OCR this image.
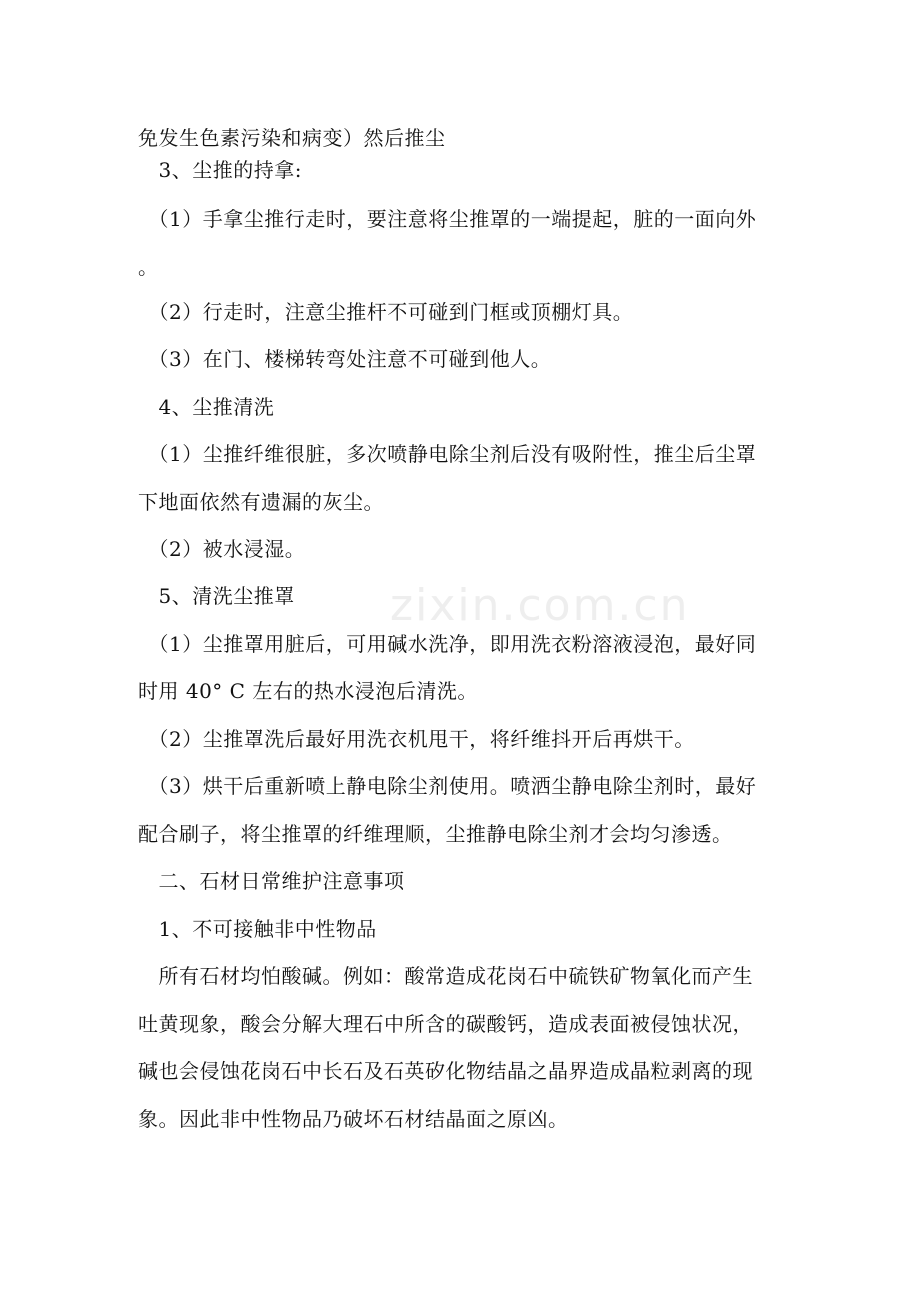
zixin.com.cn
免发生色素污染和病变）然后推尘
　3、尘推的持拿:
　（1）手拿尘推行走时，要注意将尘推罩的一端提起，脏的一面向外
。
　（2）行走时，注意尘推杆不可碰到门框或顶棚灯具。
　（3）在门、楼梯转弯处注意不可碰到他人。
　4、尘推清洗
　（1）尘推纤维很脏，多次喷静电除尘剂后没有吸附性，推尘后尘罩
下地面依然有遗漏的灰尘。
　（2）被水浸湿。
　5、清洗尘推罩
　（1）尘推罩用脏后，可用碱水洗净，即用洗衣粉溶液浸泡，最好同
时用 40° C 左右的热水浸泡后清洗。
　（2）尘推罩洗后最好用洗衣机甩干，将纤维抖开后再烘干。
　（3）烘干后重新喷上静电除尘剂使用。喷洒尘静电除尘剂时，最好
配合刷子，将尘推罩的纤维理顺，尘推静电除尘剂才会均匀渗透。
　二、石材日常维护注意事项
　1、不可接触非中性物品
　所有石材均怕酸碱。例如：酸常造成花岗石中硫铁矿物氧化而产生
吐黄现象，酸会分解大理石中所含的碳酸钙，造成表面被侵蚀状况，
碱也会侵蚀花岗石中长石及石英矽化物结晶之晶界造成晶粒剥离的现
象。因此非中性物品乃破坏石材结晶面之原凶。
